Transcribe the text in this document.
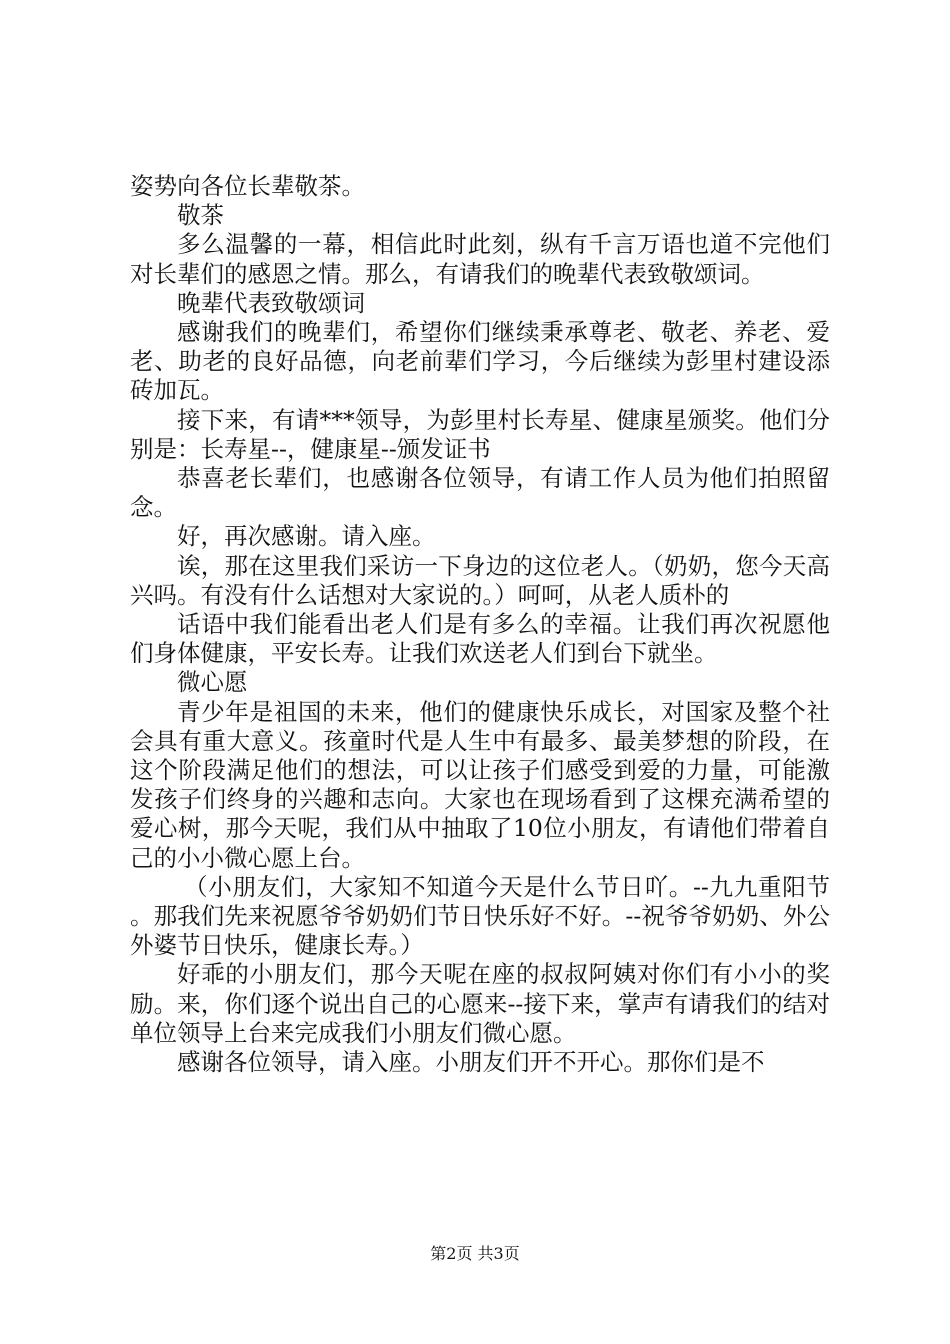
姿势向各位长辈敬茶。

敬茶

多么温馨的一幕，相信此时此刻，纵有千言万语也道不完他们对长辈们的感恩之情。那么，有请我们的晚辈代表致敬颂词。

晚辈代表致敬颂词

感谢我们的晚辈们，希望你们继续秉承尊老、敬老、养老、爱老、助老的良好品德，向老前辈们学习，今后继续为彭里村建设添砖加瓦。

接下来，有请***领导，为彭里村长寿星、健康星颁奖。他们分别是：长寿星--，健康星--颁发证书

恭喜老长辈们，也感谢各位领导，有请工作人员为他们拍照留念。

好，再次感谢。请入座。

诶，那在这里我们采访一下身边的这位老人。（奶奶，您今天高兴吗。有没有什么话想对大家说的。）呵呵，从老人质朴的

话语中我们能看出老人们是有多么的幸福。让我们再次祝愿他们身体健康，平安长寿。让我们欢送老人们到台下就坐。

微心愿

青少年是祖国的未来，他们的健康快乐成长，对国家及整个社会具有重大意义。孩童时代是人生中有最多、最美梦想的阶段，在这个阶段满足他们的想法，可以让孩子们感受到爱的力量，可能激发孩子们终身的兴趣和志向。大家也在现场看到了这棵充满希望的爱心树，那今天呢，我们从中抽取了10位小朋友，有请他们带着自己的小小微心愿上台。

（小朋友们，大家知不知道今天是什么节日吖。--九九重阳节。那我们先来祝愿爷爷奶奶们节日快乐好不好。--祝爷爷奶奶、外公外婆节日快乐，健康长寿。）

好乖的小朋友们，那今天呢在座的叔叔阿姨对你们有小小的奖励。来，你们逐个说出自己的心愿来--接下来，掌声有请我们的结对单位领导上台来完成我们小朋友们微心愿。

感谢各位领导，请入座。小朋友们开不开心。那你们是不

第2页 共3页
